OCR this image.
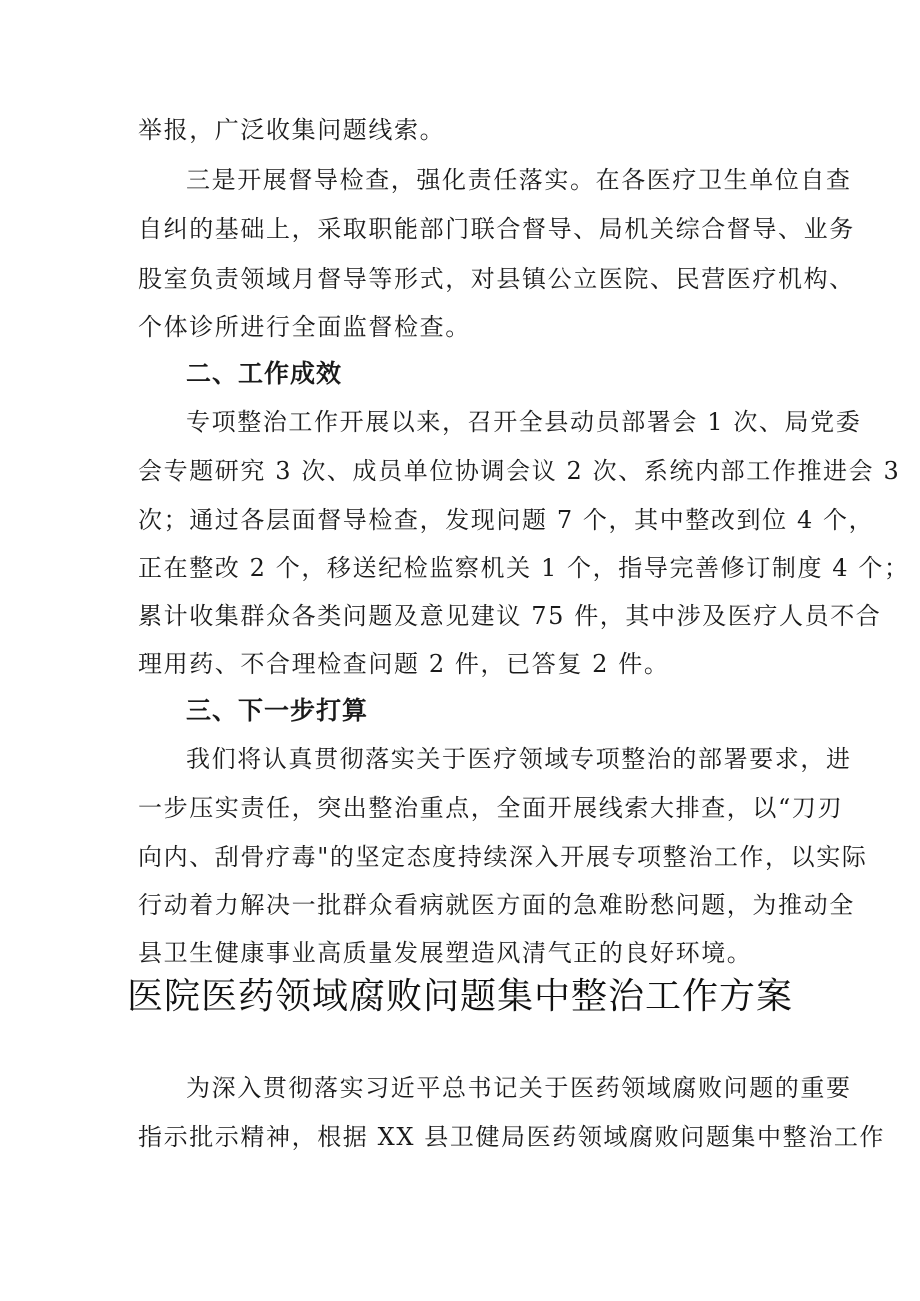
举报，广泛收集问题线索。
三是开展督导检查，强化责任落实。在各医疗卫生单位自查
自纠的基础上，采取职能部门联合督导、局机关综合督导、业务
股室负责领域月督导等形式，对县镇公立医院、民营医疗机构、
个体诊所进行全面监督检查。
二、工作成效
专项整治工作开展以来，召开全县动员部署会 1 次、局党委
会专题研究 3 次、成员单位协调会议 2 次、系统内部工作推进会 3
次；通过各层面督导检查，发现问题 7 个，其中整改到位 4 个，
正在整改 2 个，移送纪检监察机关 1 个，指导完善修订制度 4 个；
累计收集群众各类问题及意见建议 75 件，其中涉及医疗人员不合
理用药、不合理检查问题 2 件，已答复 2 件。
三、下一步打算
我们将认真贯彻落实关于医疗领域专项整治的部署要求，进
一步压实责任，突出整治重点，全面开展线索大排查，以“刀刃
向内、刮骨疗毒"的坚定态度持续深入开展专项整治工作，以实际
行动着力解决一批群众看病就医方面的急难盼愁问题，为推动全
县卫生健康事业高质量发展塑造风清气正的良好环境。
医院医药领域腐败问题集中整治工作方案
为深入贯彻落实习近平总书记关于医药领域腐败问题的重要
指示批示精神，根据 XX 县卫健局医药领域腐败问题集中整治工作
